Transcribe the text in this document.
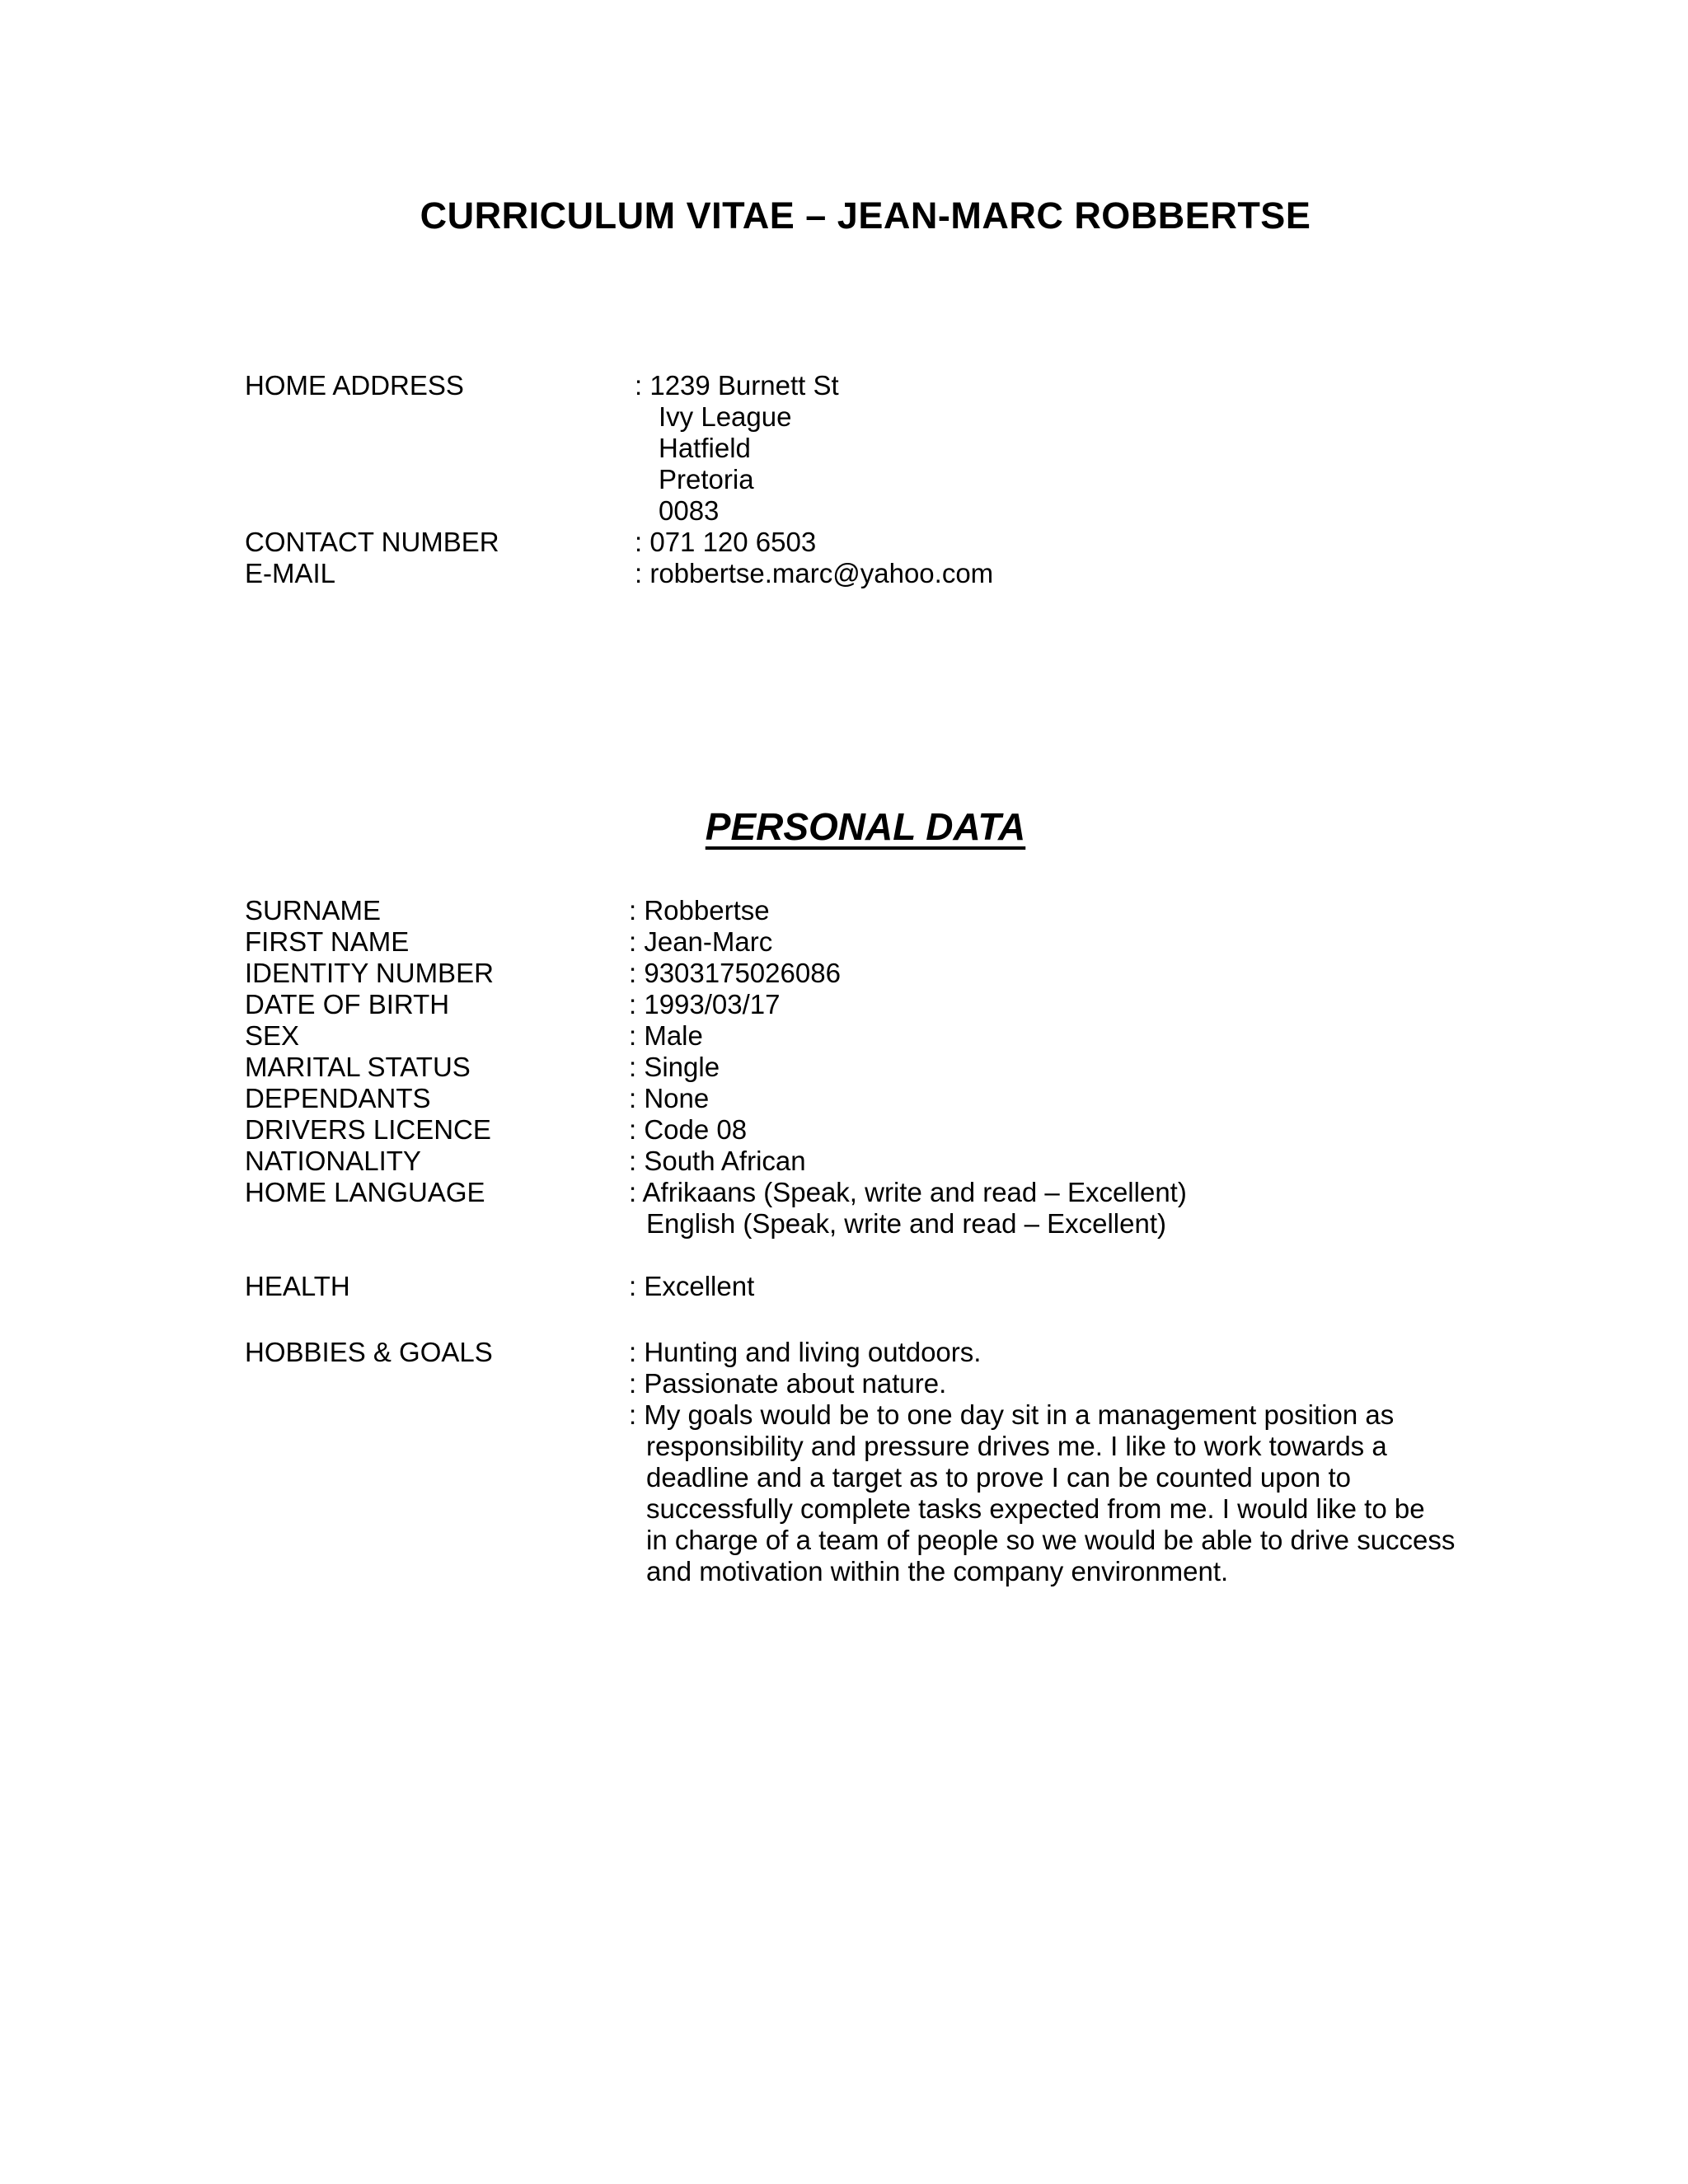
CURRICULUM VITAE – JEAN-MARC ROBBERTSE
HOME ADDRESS	: 1239 Burnett St
Ivy League
Hatfield
Pretoria
0083
CONTACT NUMBER	: 071 120 6503
E-MAIL	: robbertse.marc@yahoo.com
PERSONAL DATA
SURNAME	: Robbertse
FIRST NAME	: Jean-Marc
IDENTITY NUMBER	: 9303175026086
DATE OF BIRTH	: 1993/03/17
SEX	: Male
MARITAL STATUS	: Single
DEPENDANTS	: None
DRIVERS LICENCE	: Code 08
NATIONALITY	: South African
HOME LANGUAGE	: Afrikaans (Speak, write and read – Excellent)
English (Speak, write and read – Excellent)
HEALTH	: Excellent
HOBBIES & GOALS	: Hunting and living outdoors.
: Passionate about nature.
: My goals would be to one day sit in a management position as
responsibility and pressure drives me. I like to work towards a
deadline and a target as to prove I can be counted upon to
successfully complete tasks expected from me. I would like to be
in charge of a team of people so we would be able to drive success
and motivation within the company environment.
